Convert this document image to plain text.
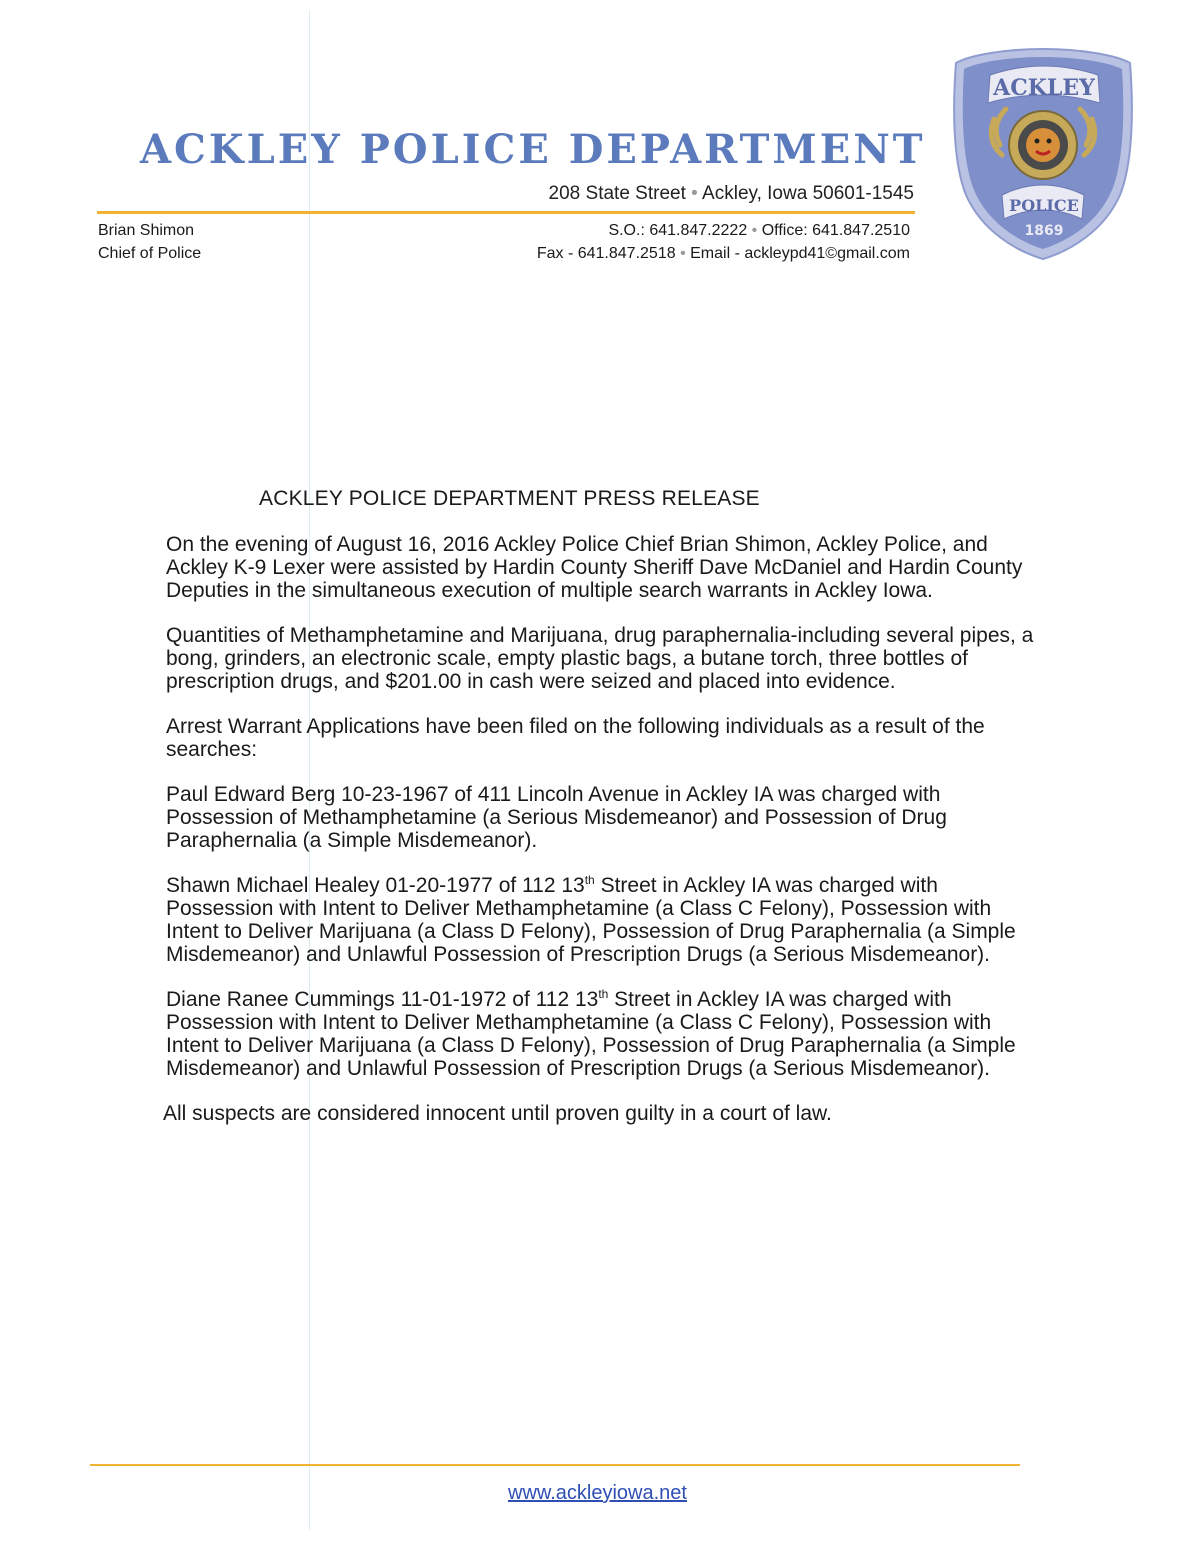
ACKLEY POLICE DEPARTMENT
208 State Street • Ackley, Iowa 50601-1545
Brian Shimon
Chief of Police
S.O.: 641.847.2222 • Office: 641.847.2510
Fax - 641.847.2518 • Email - ackleypd41©gmail.com
ACKLEY
POLICE
1869
ACKLEY POLICE DEPARTMENT PRESS RELEASE

On the evening of August 16, 2016 Ackley Police Chief Brian Shimon, Ackley Police, and Ackley K-9 Lexer were assisted by Hardin County Sheriff Dave McDaniel and Hardin County Deputies in the simultaneous execution of multiple search warrants in Ackley Iowa.

Quantities of Methamphetamine and Marijuana, drug paraphernalia-including several pipes, a bong, grinders, an electronic scale, empty plastic bags, a butane torch, three bottles of prescription drugs, and $201.00 in cash were seized and placed into evidence.

Arrest Warrant Applications have been filed on the following individuals as a result of the searches:

Paul Edward Berg 10-23-1967 of 411 Lincoln Avenue in Ackley IA was charged with Possession of Methamphetamine (a Serious Misdemeanor) and Possession of Drug Paraphernalia (a Simple Misdemeanor).

Shawn Michael Healey 01-20-1977 of 112 13th Street in Ackley IA was charged with Possession with Intent to Deliver Methamphetamine (a Class C Felony), Possession with Intent to Deliver Marijuana (a Class D Felony), Possession of Drug Paraphernalia (a Simple Misdemeanor) and Unlawful Possession of Prescription Drugs (a Serious Misdemeanor).

Diane Ranee Cummings 11-01-1972 of 112 13th Street in Ackley IA was charged with Possession with Intent to Deliver Methamphetamine (a Class C Felony), Possession with Intent to Deliver Marijuana (a Class D Felony), Possession of Drug Paraphernalia (a Simple Misdemeanor) and Unlawful Possession of Prescription Drugs (a Serious Misdemeanor).

All suspects are considered innocent until proven guilty in a court of law.

www.ackleyiowa.net
